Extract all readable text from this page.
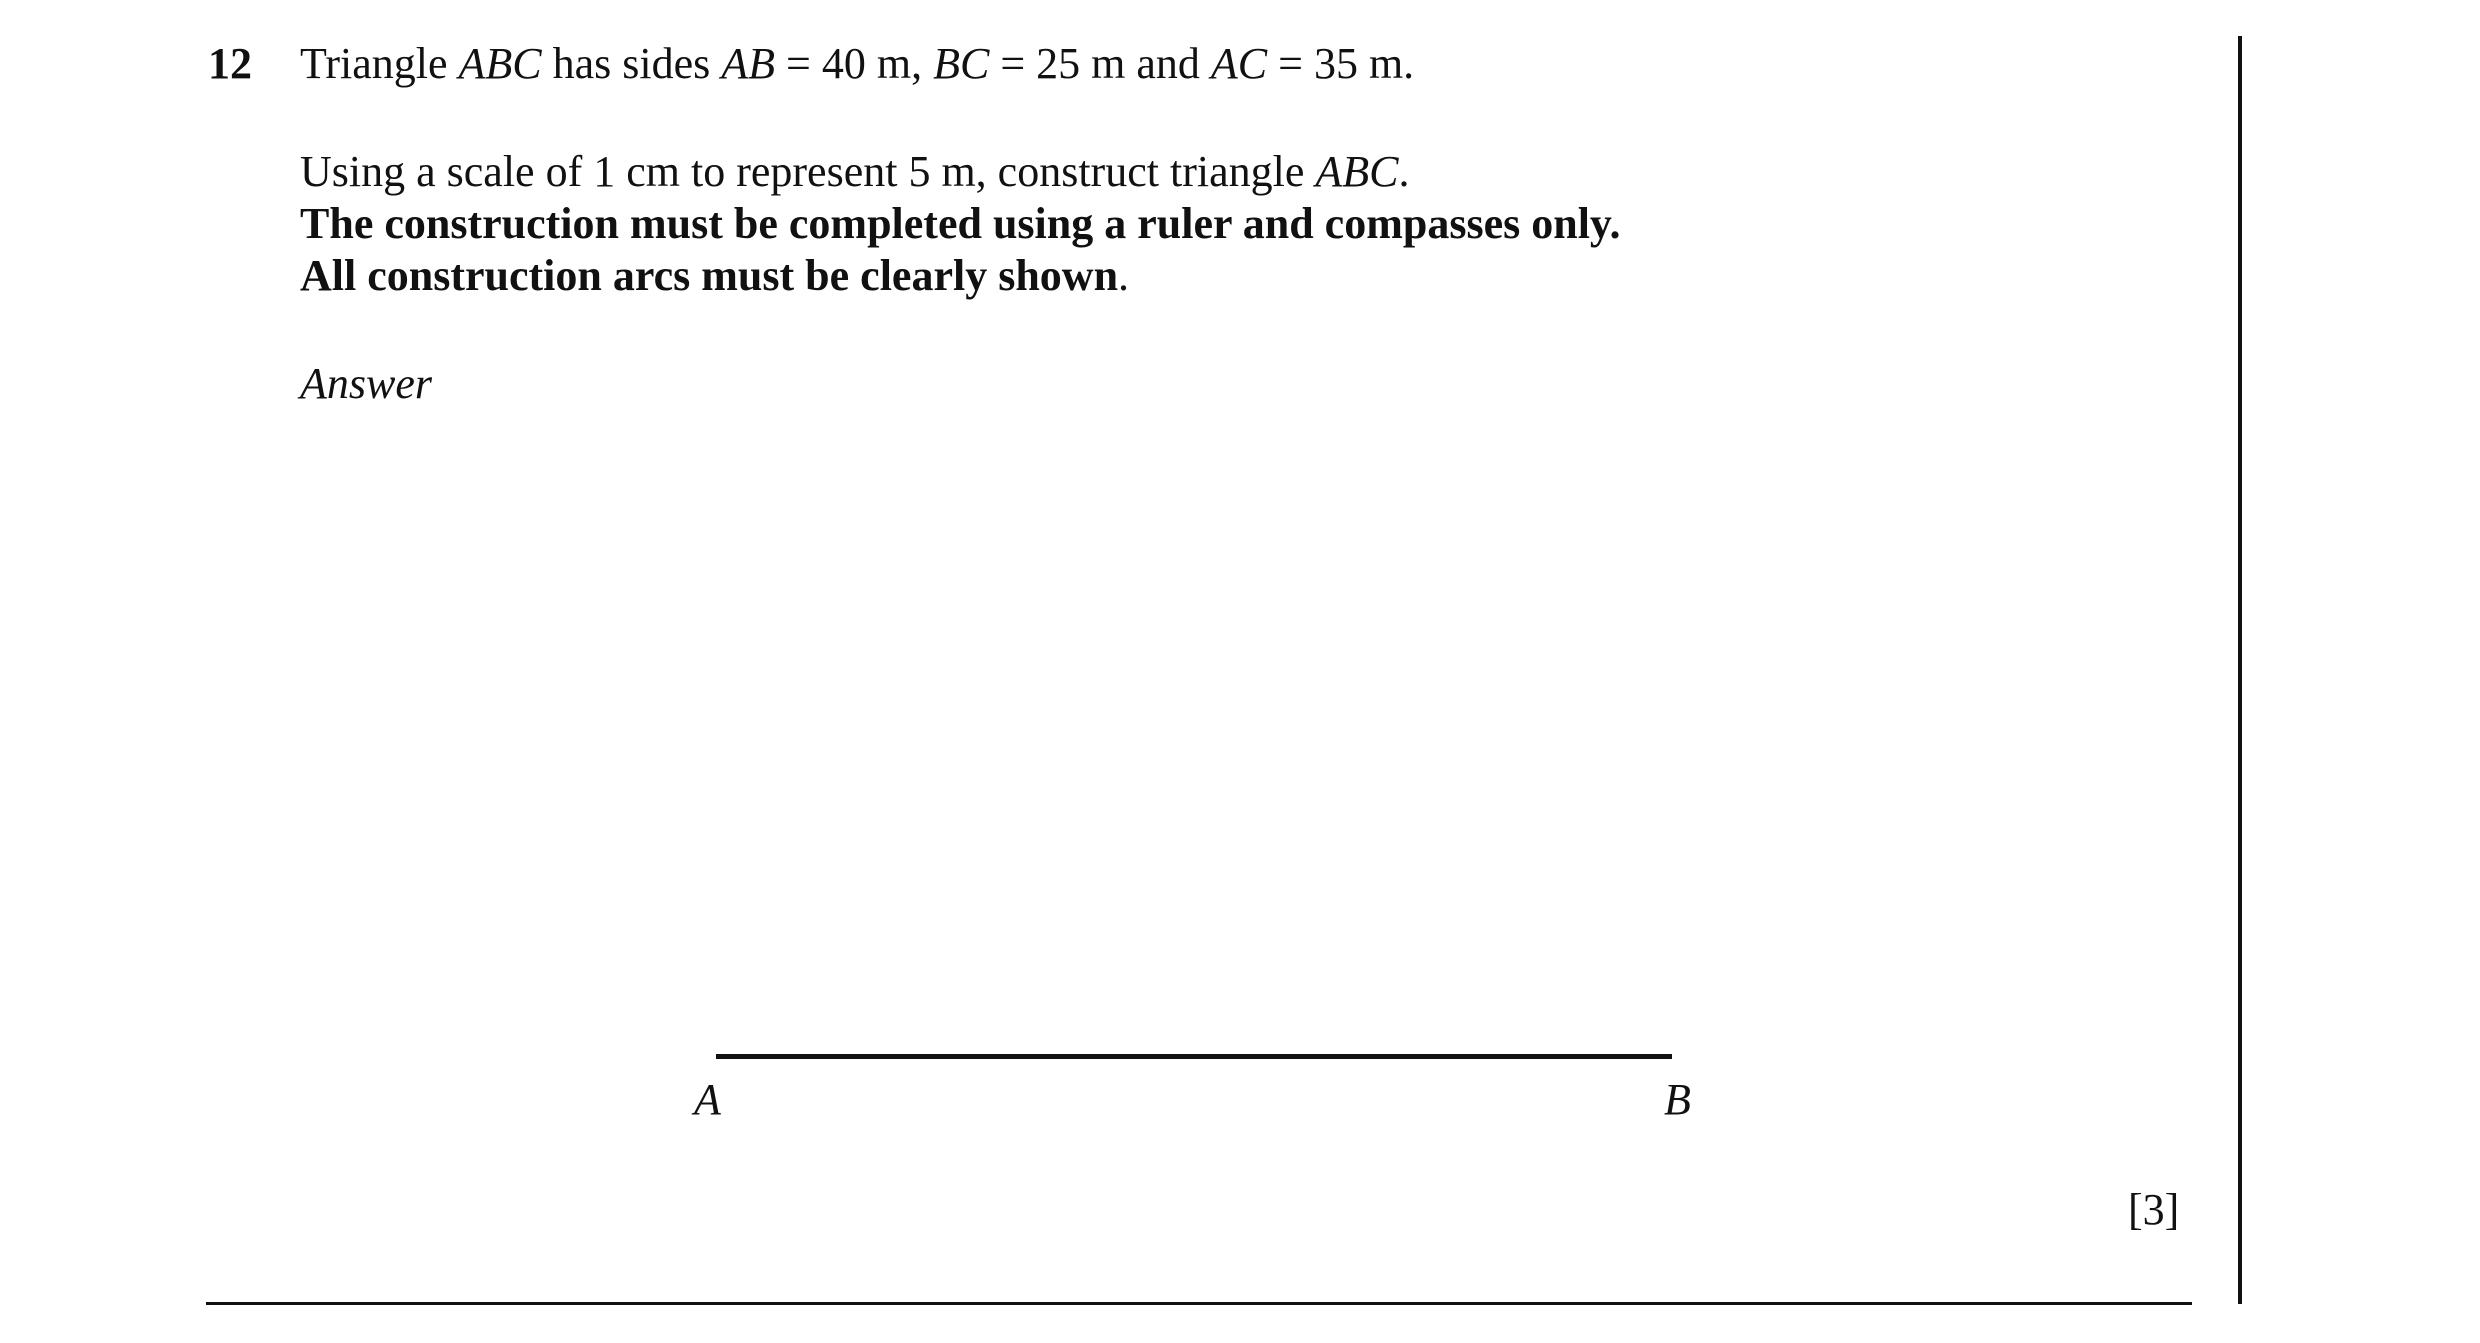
12 Triangle ABC has sides AB = 40 m, BC = 25 m and AC = 35 m.
Using a scale of 1 cm to represent 5 m, construct triangle ABC.
The construction must be completed using a ruler and compasses only.
All construction arcs must be clearly shown.
Answer
A	B
[3]
